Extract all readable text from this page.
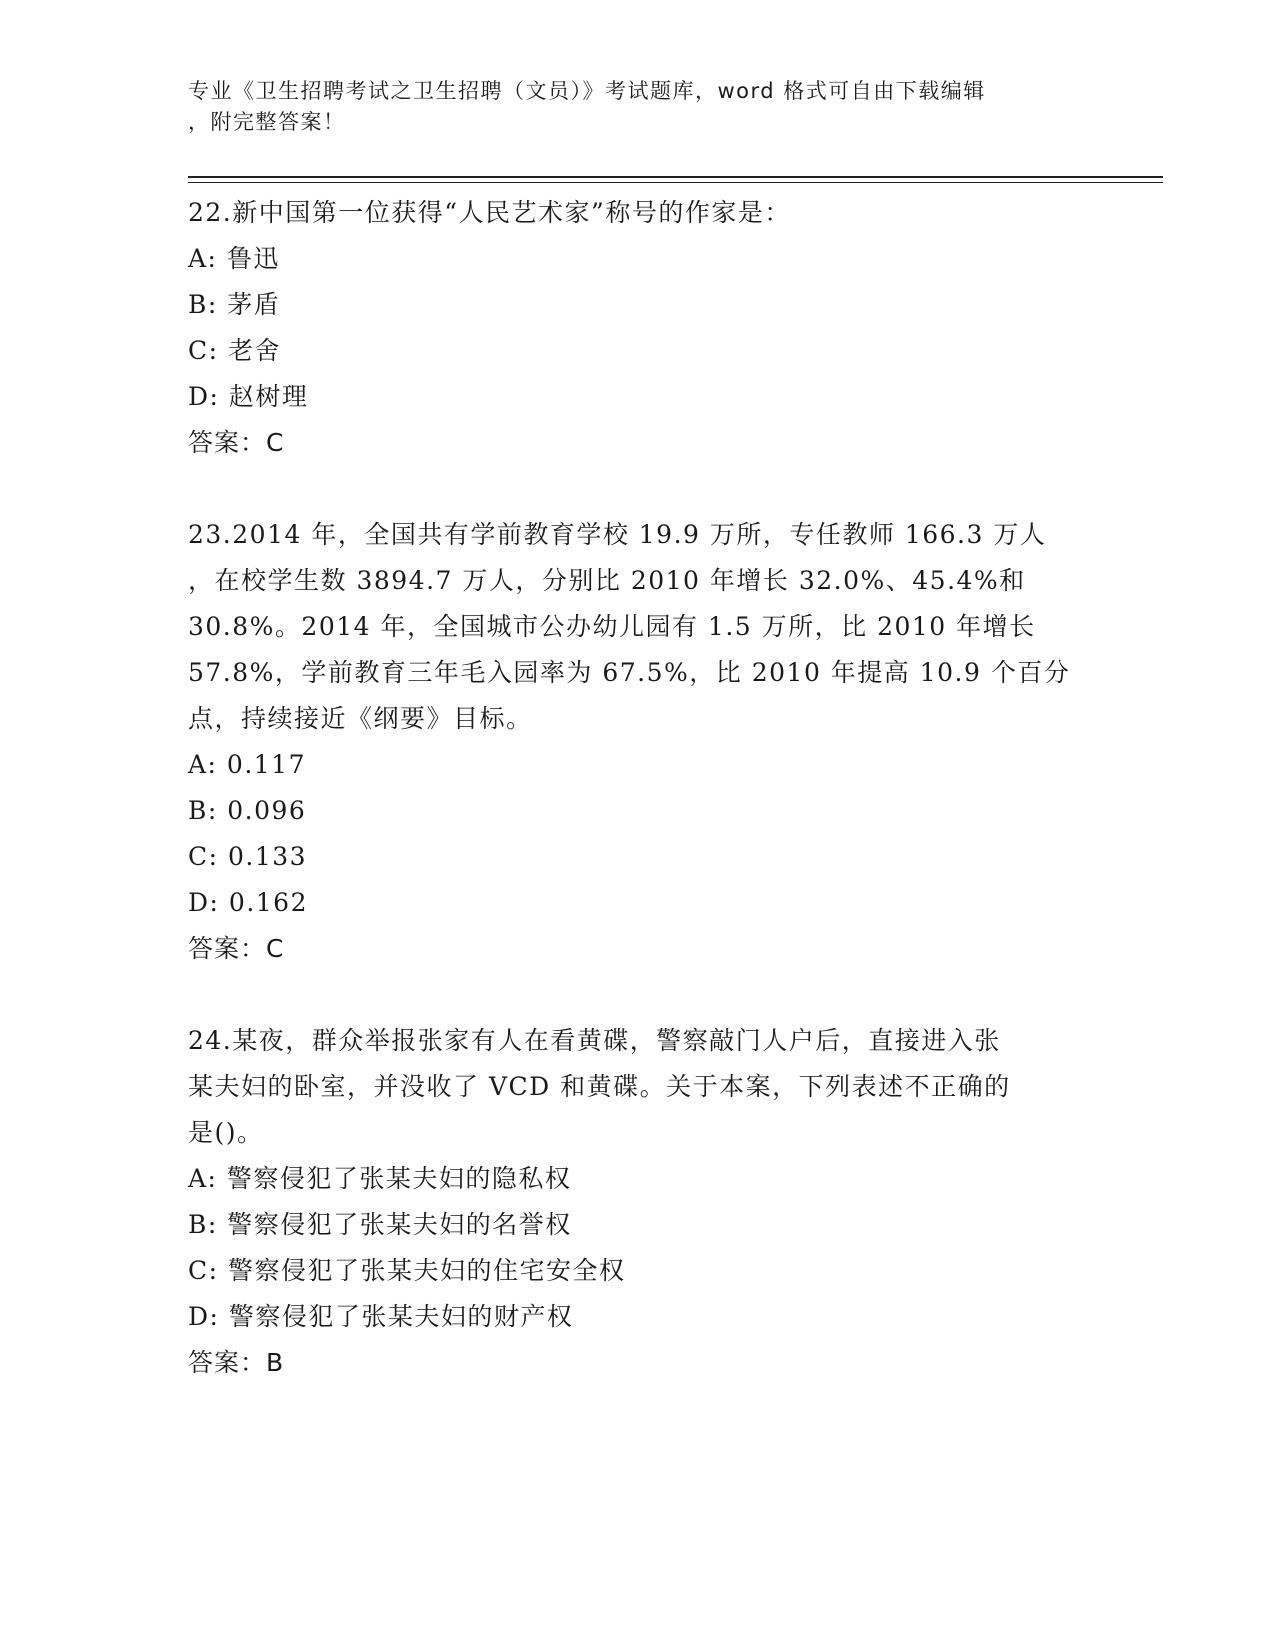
专业《卫生招聘考试之卫生招聘（文员）》考试题库，word 格式可自由下载编辑
，附完整答案！
22.新中国第一位获得“人民艺术家”称号的作家是：
A: 鲁迅
B: 茅盾
C: 老舍
D: 赵树理
答案：C
23.2014 年，全国共有学前教育学校 19.9 万所，专任教师 166.3 万人
，在校学生数 3894.7 万人，分别比 2010 年增长 32.0%、45.4%和
30.8%。2014 年，全国城市公办幼儿园有 1.5 万所，比 2010 年增长
57.8%，学前教育三年毛入园率为 67.5%，比 2010 年提高 10.9 个百分
点，持续接近《纲要》目标。
A: 0.117
B: 0.096
C: 0.133
D: 0.162
答案：C
24.某夜，群众举报张家有人在看黄碟，警察敲门人户后，直接进入张
某夫妇的卧室，并没收了 VCD 和黄碟。关于本案，下列表述不正确的
是()。
A: 警察侵犯了张某夫妇的隐私权
B: 警察侵犯了张某夫妇的名誉权
C: 警察侵犯了张某夫妇的住宅安全权
D: 警察侵犯了张某夫妇的财产权
答案：B
